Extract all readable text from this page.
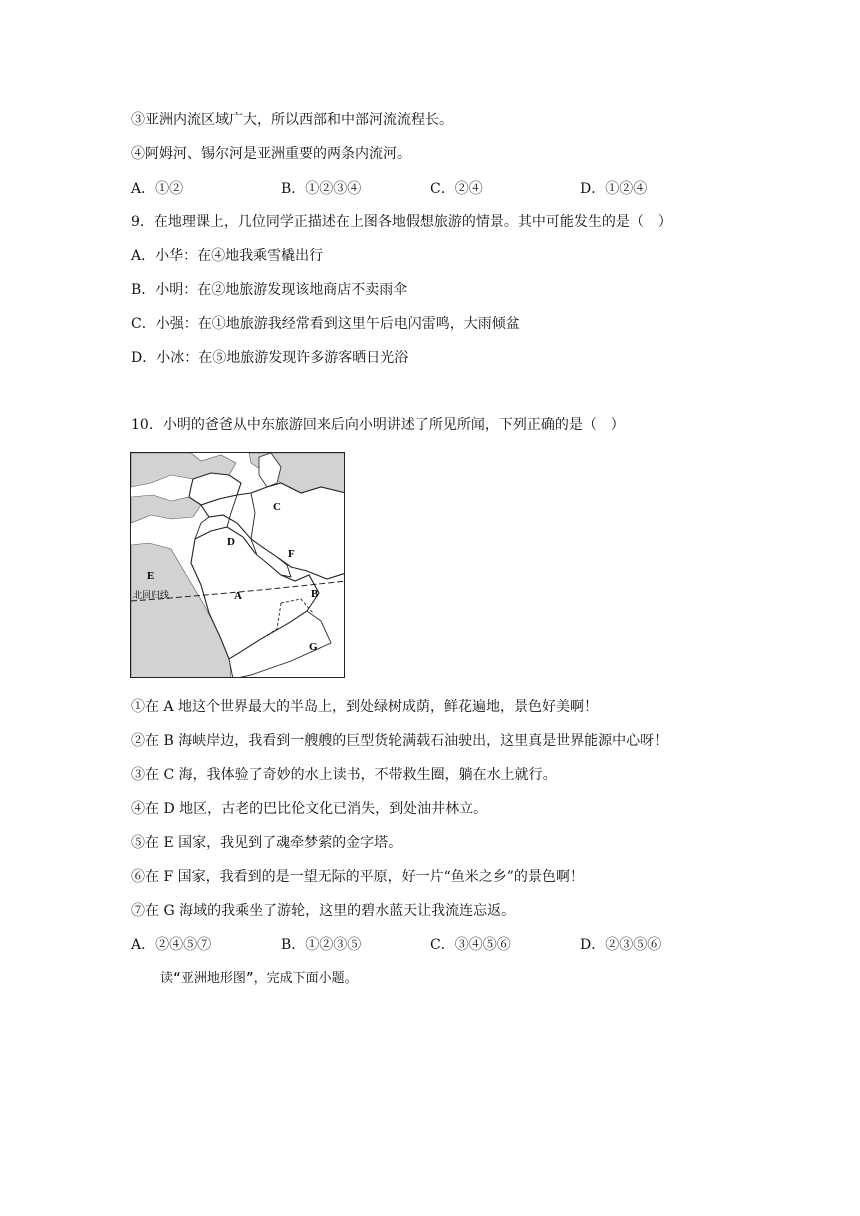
③亚洲内流区域广大，所以西部和中部河流流程长。
④阿姆河、锡尔河是亚洲重要的两条内流河。
A．①②	B．①②③④	C．②④	D．①②④
9．在地理课上，几位同学正描述在上图各地假想旅游的情景。其中可能发生的是（　）
A．小华：在④地我乘雪橇出行
B．小明：在②地旅游发现该地商店不卖雨伞
C．小强：在①地旅游我经常看到这里午后电闪雷鸣，大雨倾盆
D．小冰：在⑤地旅游发现许多游客晒日光浴
10．小明的爸爸从中东旅游回来后向小明讲述了所见所闻，下列正确的是（　）
C
D
F
E
A	B
G
北回归线
①在 A 地这个世界最大的半岛上，到处绿树成荫，鲜花遍地，景色好美啊！
②在 B 海峡岸边，我看到一艘艘的巨型货轮满载石油驶出，这里真是世界能源中心呀！
③在 C 海，我体验了奇妙的水上读书，不带救生圈，躺在水上就行。
④在 D 地区，古老的巴比伦文化已消失，到处油井林立。
⑤在 E 国家，我见到了魂牵梦萦的金字塔。
⑥在 F 国家，我看到的是一望无际的平原，好一片“鱼米之乡”的景色啊！
⑦在 G 海域的我乘坐了游轮，这里的碧水蓝天让我流连忘返。
A．②④⑤⑦	B．①②③⑤	C．③④⑤⑥	D．②③⑤⑥
读“亚洲地形图”，完成下面小题。
